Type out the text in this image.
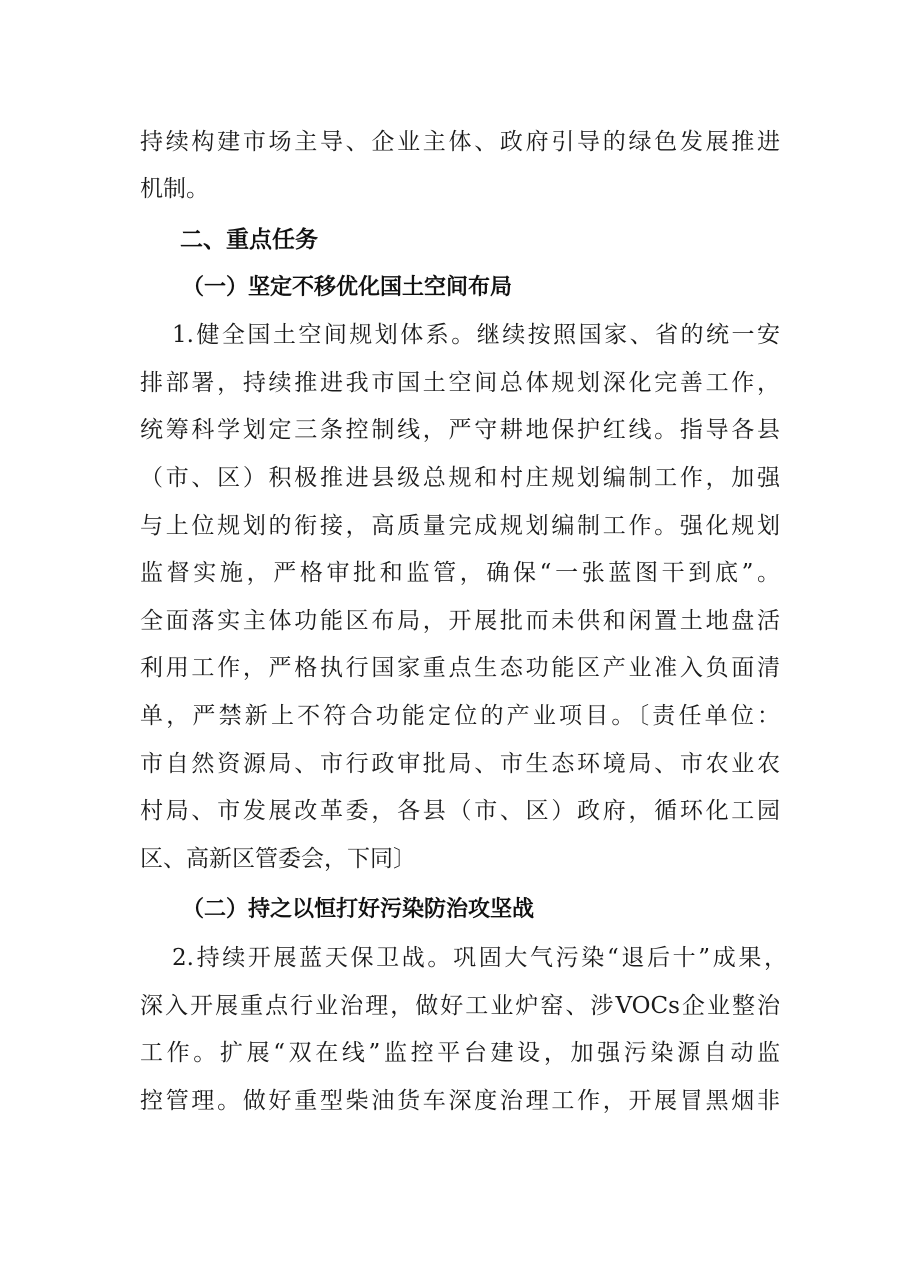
持续构建市场主导、企业主体、政府引导的绿色发展推进
机制。
二、重点任务
（一）坚定不移优化国土空间布局
1.健全国土空间规划体系。继续按照国家、省的统一安
排部署，持续推进我市国土空间总体规划深化完善工作，
统筹科学划定三条控制线，严守耕地保护红线。指导各县
（市、区）积极推进县级总规和村庄规划编制工作，加强
与上位规划的衔接，高质量完成规划编制工作。强化规划
监督实施，严格审批和监管，确保“一张蓝图干到底”。
全面落实主体功能区布局，开展批而未供和闲置土地盘活
利用工作，严格执行国家重点生态功能区产业准入负面清
单，严禁新上不符合功能定位的产业项目。〔责任单位：
市自然资源局、市行政审批局、市生态环境局、市农业农
村局、市发展改革委，各县（市、区）政府，循环化工园
区、高新区管委会，下同〕
（二）持之以恒打好污染防治攻坚战
2.持续开展蓝天保卫战。巩固大气污染“退后十”成果，
深入开展重点行业治理，做好工业炉窑、涉VOCs企业整治
工作。扩展“双在线”监控平台建设，加强污染源自动监
控管理。做好重型柴油货车深度治理工作，开展冒黑烟非
